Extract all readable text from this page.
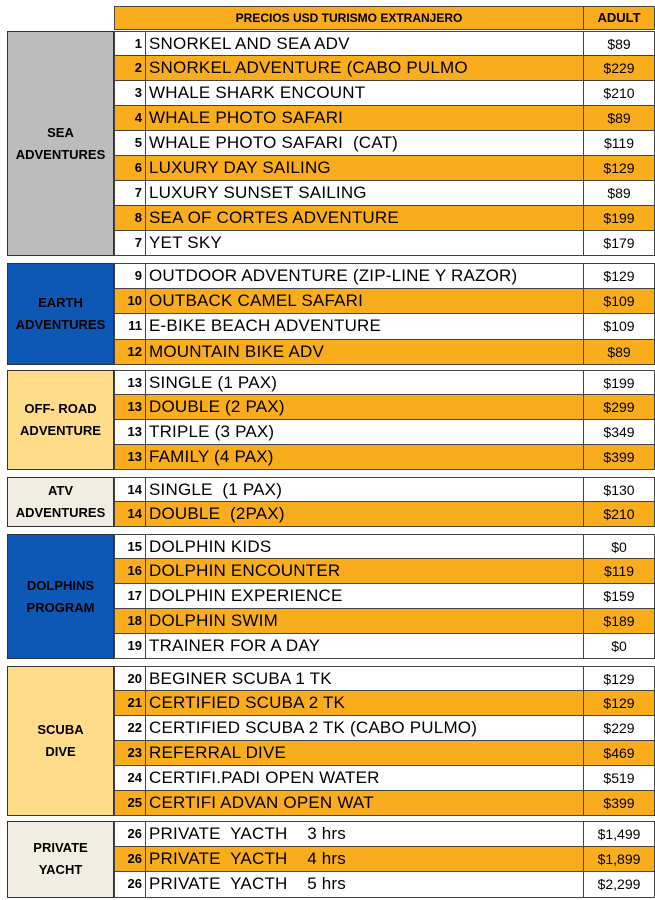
PRECIOS USD TURISMO EXTRANJERO	ADULT
SEA
ADVENTURES
1 SNORKEL AND SEA ADV	$89
2 SNORKEL ADVENTURE (CABO PULMO	$229
3 WHALE SHARK ENCOUNT	$210
4 WHALE PHOTO SAFARI	$89
5 WHALE PHOTO SAFARI  (CAT)	$119
6 LUXURY DAY SAILING	$129
7 LUXURY SUNSET SAILING	$89
8 SEA OF CORTES ADVENTURE	$199
7 YET SKY	$179
EARTH
ADVENTURES
9 OUTDOOR ADVENTURE (ZIP-LINE Y RAZOR)	$129
10 OUTBACK CAMEL SAFARI	$109
11 E-BIKE BEACH ADVENTURE	$109
12 MOUNTAIN BIKE ADV	$89
OFF- ROAD
ADVENTURE
13 SINGLE (1 PAX)	$199
13 DOUBLE (2 PAX)	$299
13 TRIPLE (3 PAX)	$349
13 FAMILY (4 PAX)	$399
ATV
ADVENTURES
14 SINGLE  (1 PAX)	$130
14 DOUBLE  (2PAX)	$210
DOLPHINS
PROGRAM
15 DOLPHIN KIDS	$0
16 DOLPHIN ENCOUNTER	$119
17 DOLPHIN EXPERIENCE	$159
18 DOLPHIN SWIM	$189
19 TRAINER FOR A DAY	$0
SCUBA
DIVE
20 BEGINER SCUBA 1 TK	$129
21 CERTIFIED SCUBA 2 TK	$129
22 CERTIFIED SCUBA 2 TK (CABO PULMO)	$229
23 REFERRAL DIVE	$469
24 CERTIFI.PADI OPEN WATER	$519
25 CERTIFI ADVAN OPEN WAT	$399
PRIVATE
YACHT
26 PRIVATE  YACTH    3 hrs	$1,499
26 PRIVATE  YACTH    4 hrs	$1,899
26 PRIVATE  YACTH    5 hrs	$2,299
